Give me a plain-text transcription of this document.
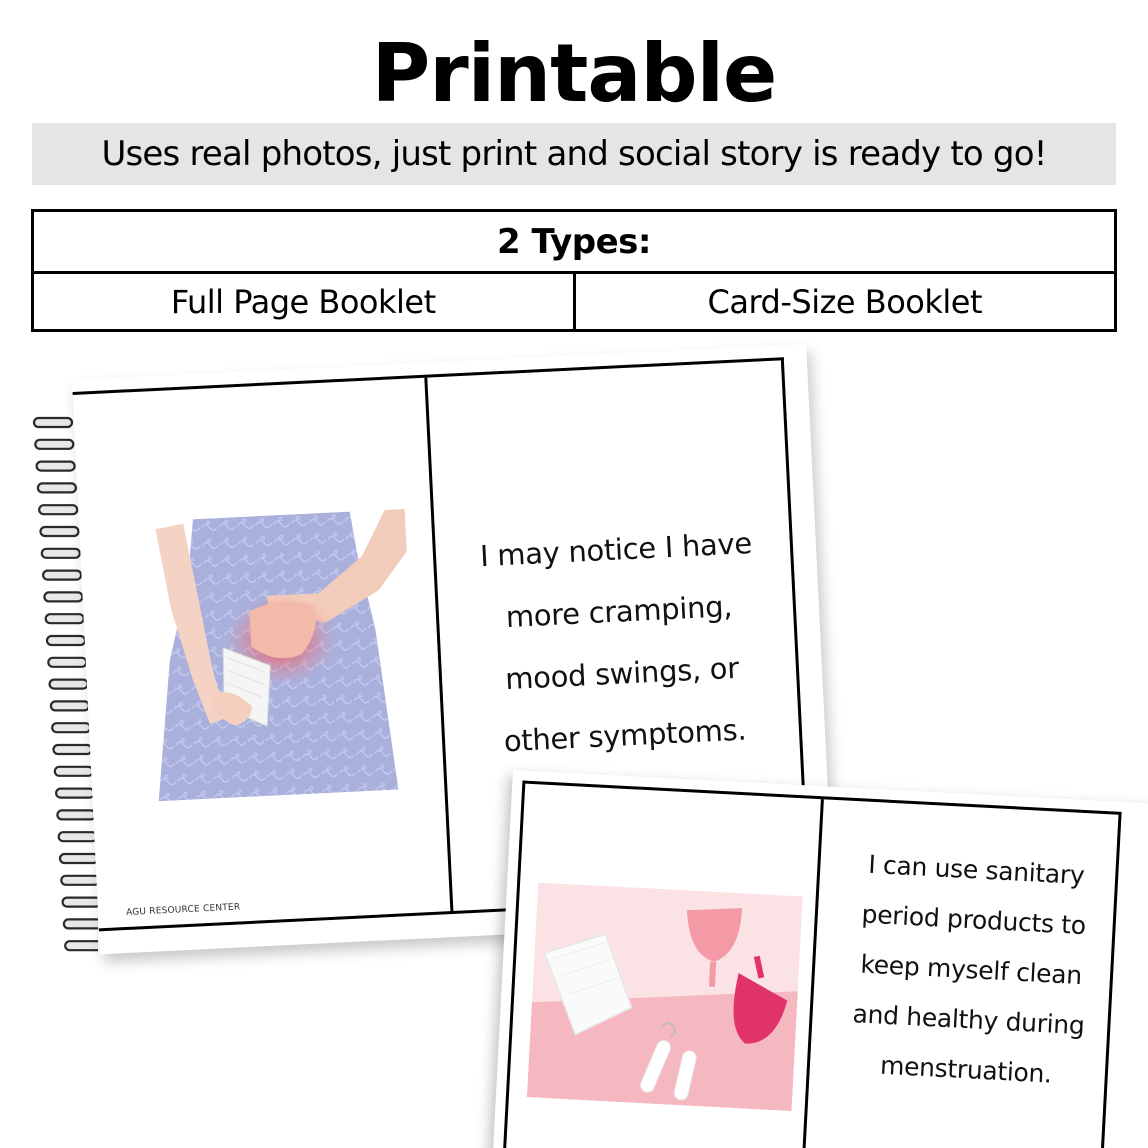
Printable
Uses real photos, just print and social story is ready to go!
2 Types:
Full Page Booklet	Card-Size Booklet
I may notice I have
more cramping,
mood swings, or
other symptoms.
AGU RESOURCE CENTER
I can use sanitary
period products to
keep myself clean
and healthy during
menstruation.
